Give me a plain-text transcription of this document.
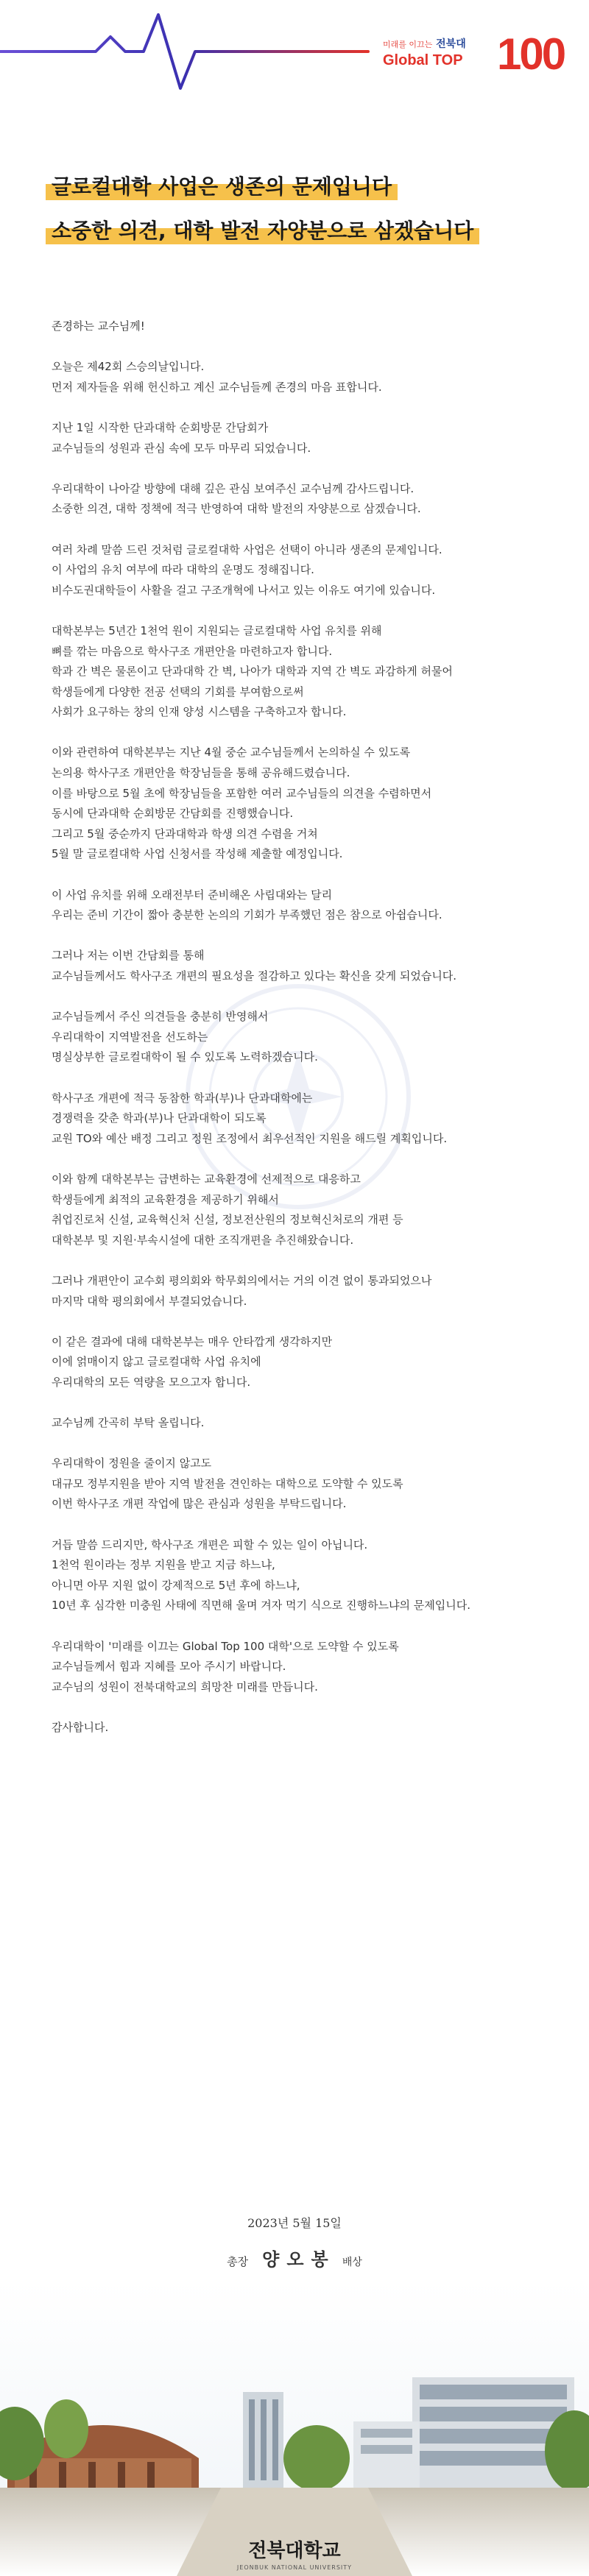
미래를 이끄는 전북대
Global TOP 100
글로컬대학 사업은 생존의 문제입니다
소중한 의견, 대학 발전 자양분으로 삼겠습니다

존경하는 교수님께!

오늘은 제42회 스승의날입니다.
먼저 제자들을 위해 헌신하고 계신 교수님들께 존경의 마음 표합니다.

지난 1일 시작한 단과대학 순회방문 간담회가
교수님들의 성원과 관심 속에 모두 마무리 되었습니다.

우리대학이 나아갈 방향에 대해 깊은 관심 보여주신 교수님께 감사드립니다.
소중한 의견, 대학 정책에 적극 반영하여 대학 발전의 자양분으로 삼겠습니다.

여러 차례 말씀 드린 것처럼 글로컬대학 사업은 선택이 아니라 생존의 문제입니다.
이 사업의 유치 여부에 따라 대학의 운명도 정해집니다.
비수도권대학들이 사활을 걸고 구조개혁에 나서고 있는 이유도 여기에 있습니다.

대학본부는 5년간 1천억 원이 지원되는 글로컬대학 사업 유치를 위해
뼈를 깎는 마음으로 학사구조 개편안을 마련하고자 합니다.
학과 간 벽은 물론이고 단과대학 간 벽, 나아가 대학과 지역 간 벽도 과감하게 허물어
학생들에게 다양한 전공 선택의 기회를 부여함으로써
사회가 요구하는 창의 인재 양성 시스템을 구축하고자 합니다.

이와 관련하여 대학본부는 지난 4월 중순 교수님들께서 논의하실 수 있도록
논의용 학사구조 개편안을 학장님들을 통해 공유해드렸습니다.
이를 바탕으로 5월 초에 학장님들을 포함한 여러 교수님들의 의견을 수렴하면서
동시에 단과대학 순회방문 간담회를 진행했습니다.
그리고 5월 중순까지 단과대학과 학생 의견 수렴을 거쳐
5월 말 글로컬대학 사업 신청서를 작성해 제출할 예정입니다.

이 사업 유치를 위해 오래전부터 준비해온 사립대와는 달리
우리는 준비 기간이 짧아 충분한 논의의 기회가 부족했던 점은 참으로 아쉽습니다.

그러나 저는 이번 간담회를 통해
교수님들께서도 학사구조 개편의 필요성을 절감하고 있다는 확신을 갖게 되었습니다.

교수님들께서 주신 의견들을 충분히 반영해서
우리대학이 지역발전을 선도하는
명실상부한 글로컬대학이 될 수 있도록 노력하겠습니다.

학사구조 개편에 적극 동참한 학과(부)나 단과대학에는
경쟁력을 갖춘 학과(부)나 단과대학이 되도록
교원 TO와 예산 배정 그리고 정원 조정에서 최우선적인 지원을 해드릴 계획입니다.

이와 함께 대학본부는 급변하는 교육환경에 선제적으로 대응하고
학생들에게 최적의 교육환경을 제공하기 위해서
취업진로처 신설, 교육혁신처 신설, 정보전산원의 정보혁신처로의 개편 등
대학본부 및 지원·부속시설에 대한 조직개편을 추진해왔습니다.

그러나 개편안이 교수회 평의회와 학무회의에서는 거의 이견 없이 통과되었으나
마지막 대학 평의회에서 부결되었습니다.

이 같은 결과에 대해 대학본부는 매우 안타깝게 생각하지만
이에 얽매이지 않고 글로컬대학 사업 유치에
우리대학의 모든 역량을 모으고자 합니다.

교수님께 간곡히 부탁 올립니다.

우리대학이 정원을 줄이지 않고도
대규모 정부지원을 받아 지역 발전을 견인하는 대학으로 도약할 수 있도록
이번 학사구조 개편 작업에 많은 관심과 성원을 부탁드립니다.

거듭 말씀 드리지만, 학사구조 개편은 피할 수 있는 일이 아닙니다.
1천억 원이라는 정부 지원을 받고 지금 하느냐,
아니면 아무 지원 없이 강제적으로 5년 후에 하느냐,
10년 후 심각한 미충원 사태에 직면해 울며 겨자 먹기 식으로 진행하느냐의 문제입니다.

우리대학이 '미래를 이끄는 Global Top 100 대학'으로 도약할 수 있도록
교수님들께서 힘과 지혜를 모아 주시기 바랍니다.
교수님의 성원이 전북대학교의 희망찬 미래를 만듭니다.

감사합니다.

2023년 5월 15일
총장 양오봉 배상
전북대학교
JEONBUK NATIONAL UNIVERSITY
